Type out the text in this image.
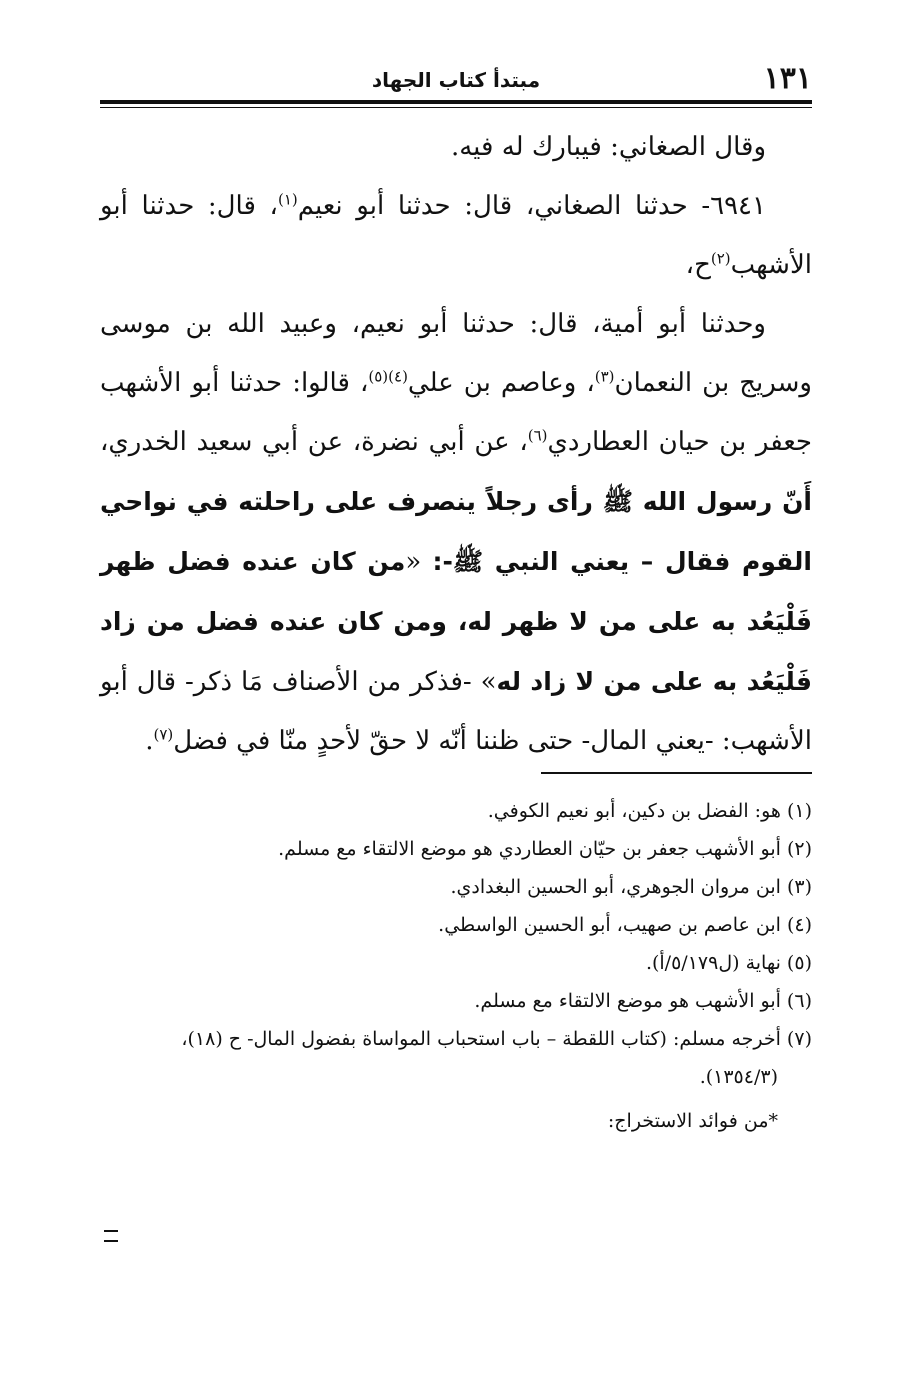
١٣١
مبتدأ كتاب الجهاد

وقال الصغاني: فيبارك له فيه.

٦٩٤١- حدثنا الصغاني، قال: حدثنا أبو نعيم$^{(١)}$، قال: حدثنا أبو الأشهب$^{(٢)}$ح،

وحدثنا أبو أمية، قال: حدثنا أبو نعيم، وعبيد الله بن موسى وسريج بن النعمان$^{(٣)}$، وعاصم بن علي$^{(٤)(٥)}$، قالوا: حدثنا أبو الأشهب جعفر بن حيان العطاردي$^{(٦)}$، عن أبي نضرة، عن أبي سعيد الخدري، أَنّ رسول الله ﷺ رأى رجلاً ينصرف على راحلته في نواحي القوم فقال – يعني النبي ﷺ-: «من كان عنده فضل ظهر فَلْيَعُد به على من لا ظهر له، ومن كان عنده فضل من زاد فَلْيَعُد به على من لا زاد له» -فذكر من الأصناف مَا ذكر- قال أبو الأشهب: -يعني المال- حتى ظننا أنّه لا حقّ لأحدٍ منّا في فضل$^{(٧)}$.

(١) هو: الفضل بن دكين، أبو نعيم الكوفي.

(٢) أبو الأشهب جعفر بن حيّان العطاردي هو موضع الالتقاء مع مسلم.

(٣) ابن مروان الجوهري، أبو الحسين البغدادي.

(٤) ابن عاصم بن صهيب، أبو الحسين الواسطي.

(٥) نهاية (ل٥/١٧٩/أ).

(٦) أبو الأشهب هو موضع الالتقاء مع مسلم.

(٧) أخرجه مسلم: (كتاب اللقطة – باب استحباب المواساة بفضول المال- ح (١٨)،

(١٣٥٤/٣).

*من فوائد الاستخراج:
